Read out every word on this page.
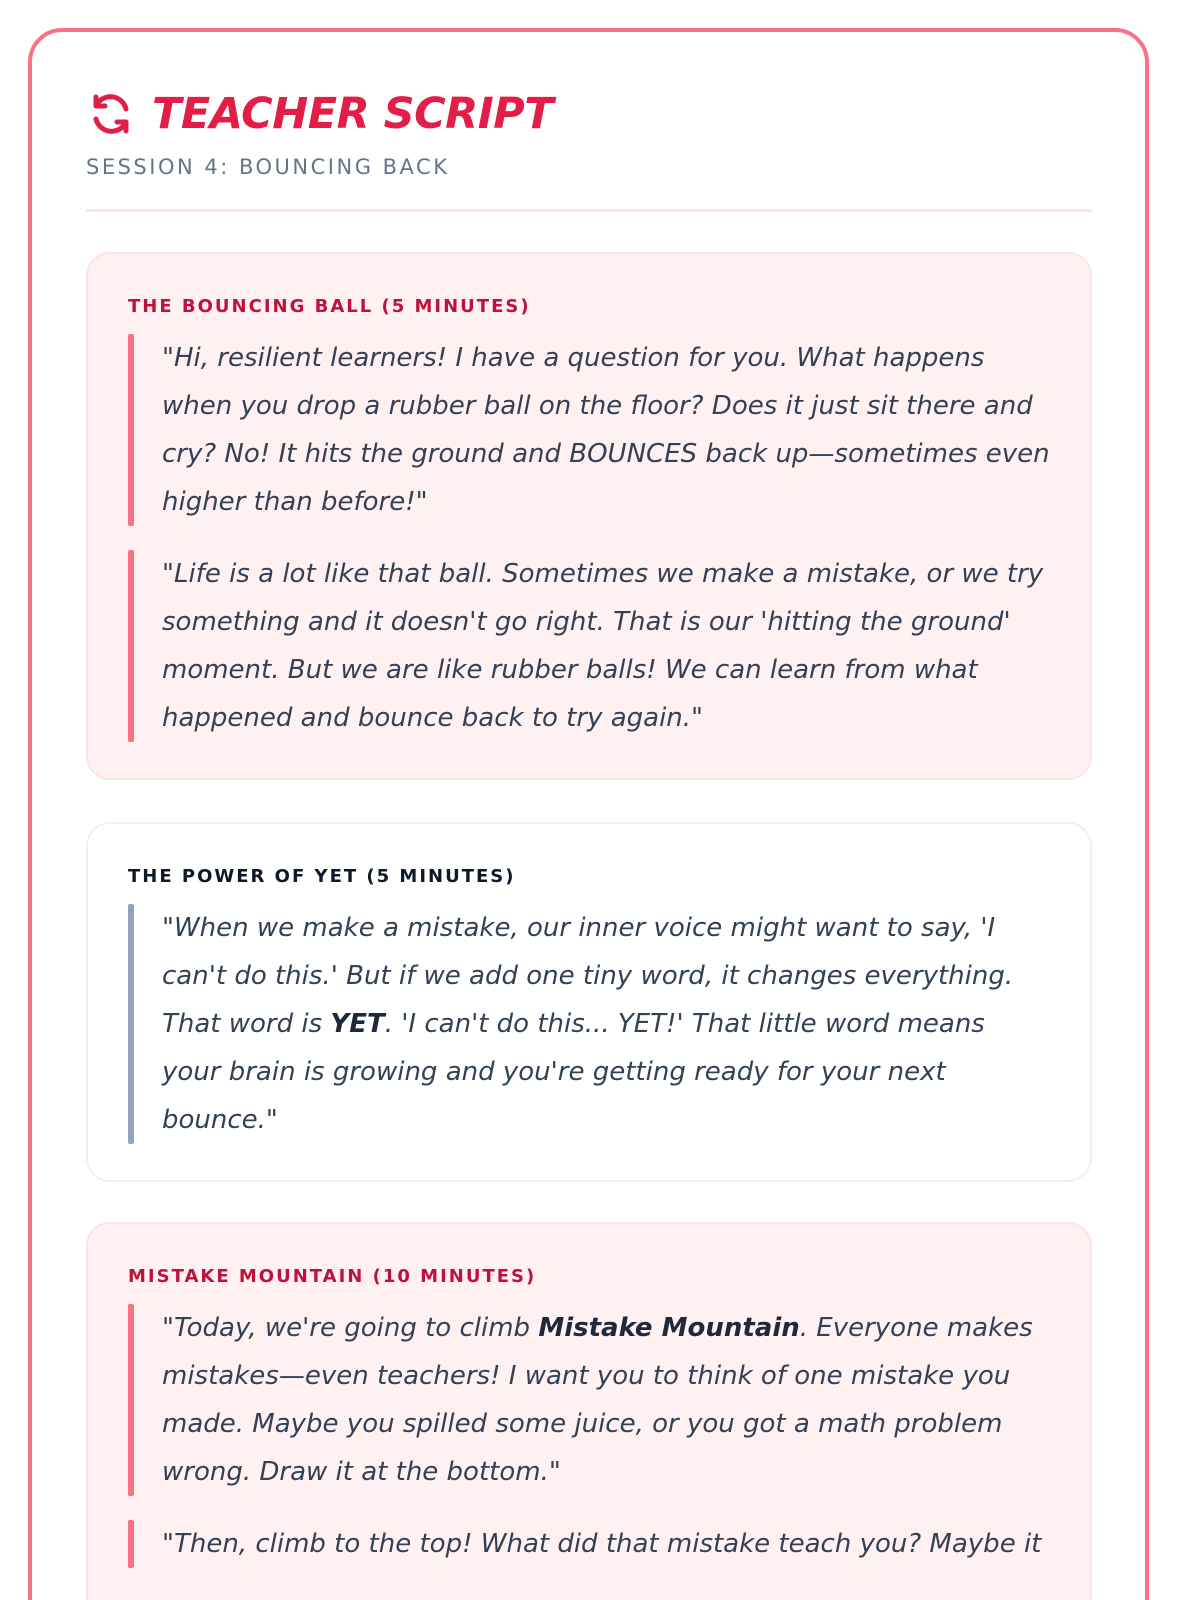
TEACHER SCRIPT
SESSION 4: BOUNCING BACK
THE BOUNCING BALL (5 MINUTES)
"Hi, resilient learners! I have a question for you. What happens when you drop a rubber ball on the floor? Does it just sit there and cry? No! It hits the ground and BOUNCES back up—sometimes even higher than before!"
"Life is a lot like that ball. Sometimes we make a mistake, or we try something and it doesn't go right. That is our 'hitting the ground' moment. But we are like rubber balls! We can learn from what happened and bounce back to try again."
THE POWER OF YET (5 MINUTES)
"When we make a mistake, our inner voice might want to say, 'I can't do this.' But if we add one tiny word, it changes everything. That word is YET. 'I can't do this... YET!' That little word means your brain is growing and you're getting ready for your next bounce."
MISTAKE MOUNTAIN (10 MINUTES)
"Today, we're going to climb Mistake Mountain. Everyone makes mistakes—even teachers! I want you to think of one mistake you made. Maybe you spilled some juice, or you got a math problem wrong. Draw it at the bottom."
"Then, climb to the top! What did that mistake teach you? Maybe it
